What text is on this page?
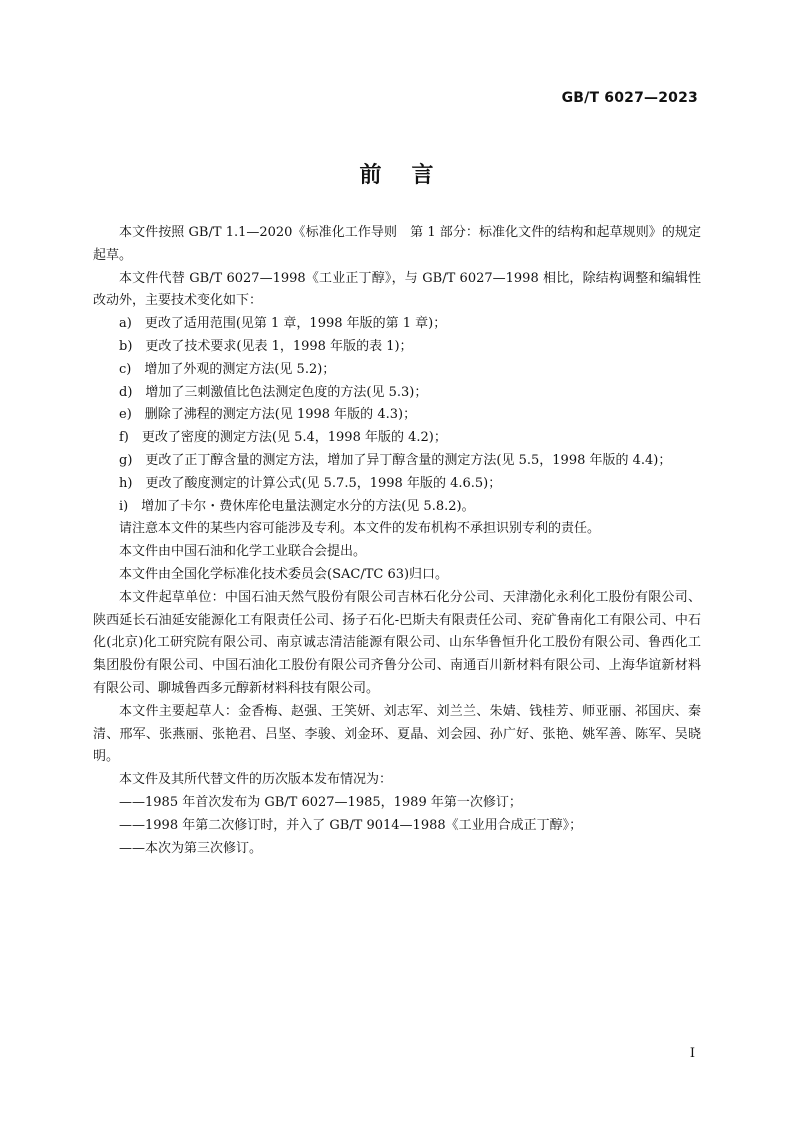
GB/T 6027—2023
前言

本文件按照 GB/T 1.1—2020《标准化工作导则　第 1 部分：标准化文件的结构和起草规则》的规定起草。

本文件代替 GB/T 6027—1998《工业正丁醇》，与 GB/T 6027—1998 相比，除结构调整和编辑性改动外，主要技术变化如下：

a)　更改了适用范围(见第 1 章，1998 年版的第 1 章)；

b)　更改了技术要求(见表 1，1998 年版的表 1)；

c)　增加了外观的测定方法(见 5.2)；

d)　增加了三刺激值比色法测定色度的方法(见 5.3)；

e)　删除了沸程的测定方法(见 1998 年版的 4.3)；

f)　更改了密度的测定方法(见 5.4，1998 年版的 4.2)；

g)　更改了正丁醇含量的测定方法，增加了异丁醇含量的测定方法(见 5.5，1998 年版的 4.4)；

h)　更改了酸度测定的计算公式(见 5.7.5，1998 年版的 4.6.5)；

i)　增加了卡尔・费休库伦电量法测定水分的方法(见 5.8.2)。

请注意本文件的某些内容可能涉及专利。本文件的发布机构不承担识别专利的责任。

本文件由中国石油和化学工业联合会提出。

本文件由全国化学标准化技术委员会(SAC/TC 63)归口。

本文件起草单位：中国石油天然气股份有限公司吉林石化分公司、天津渤化永利化工股份有限公司、陕西延长石油延安能源化工有限责任公司、扬子石化-巴斯夫有限责任公司、兖矿鲁南化工有限公司、中石化(北京)化工研究院有限公司、南京诚志清洁能源有限公司、山东华鲁恒升化工股份有限公司、鲁西化工集团股份有限公司、中国石油化工股份有限公司齐鲁分公司、南通百川新材料有限公司、上海华谊新材料有限公司、聊城鲁西多元醇新材料科技有限公司。

本文件主要起草人：金香梅、赵强、王笑妍、刘志军、刘兰兰、朱婧、钱桂芳、师亚丽、祁国庆、秦清、邢军、张燕丽、张艳君、吕坚、李骏、刘金环、夏晶、刘会园、孙广好、张艳、姚军善、陈军、吴晓明。

本文件及其所代替文件的历次版本发布情况为：

——1985 年首次发布为 GB/T 6027—1985，1989 年第一次修订；

——1998 年第二次修订时，并入了 GB/T 9014—1988《工业用合成正丁醇》；

——本次为第三次修订。

I
